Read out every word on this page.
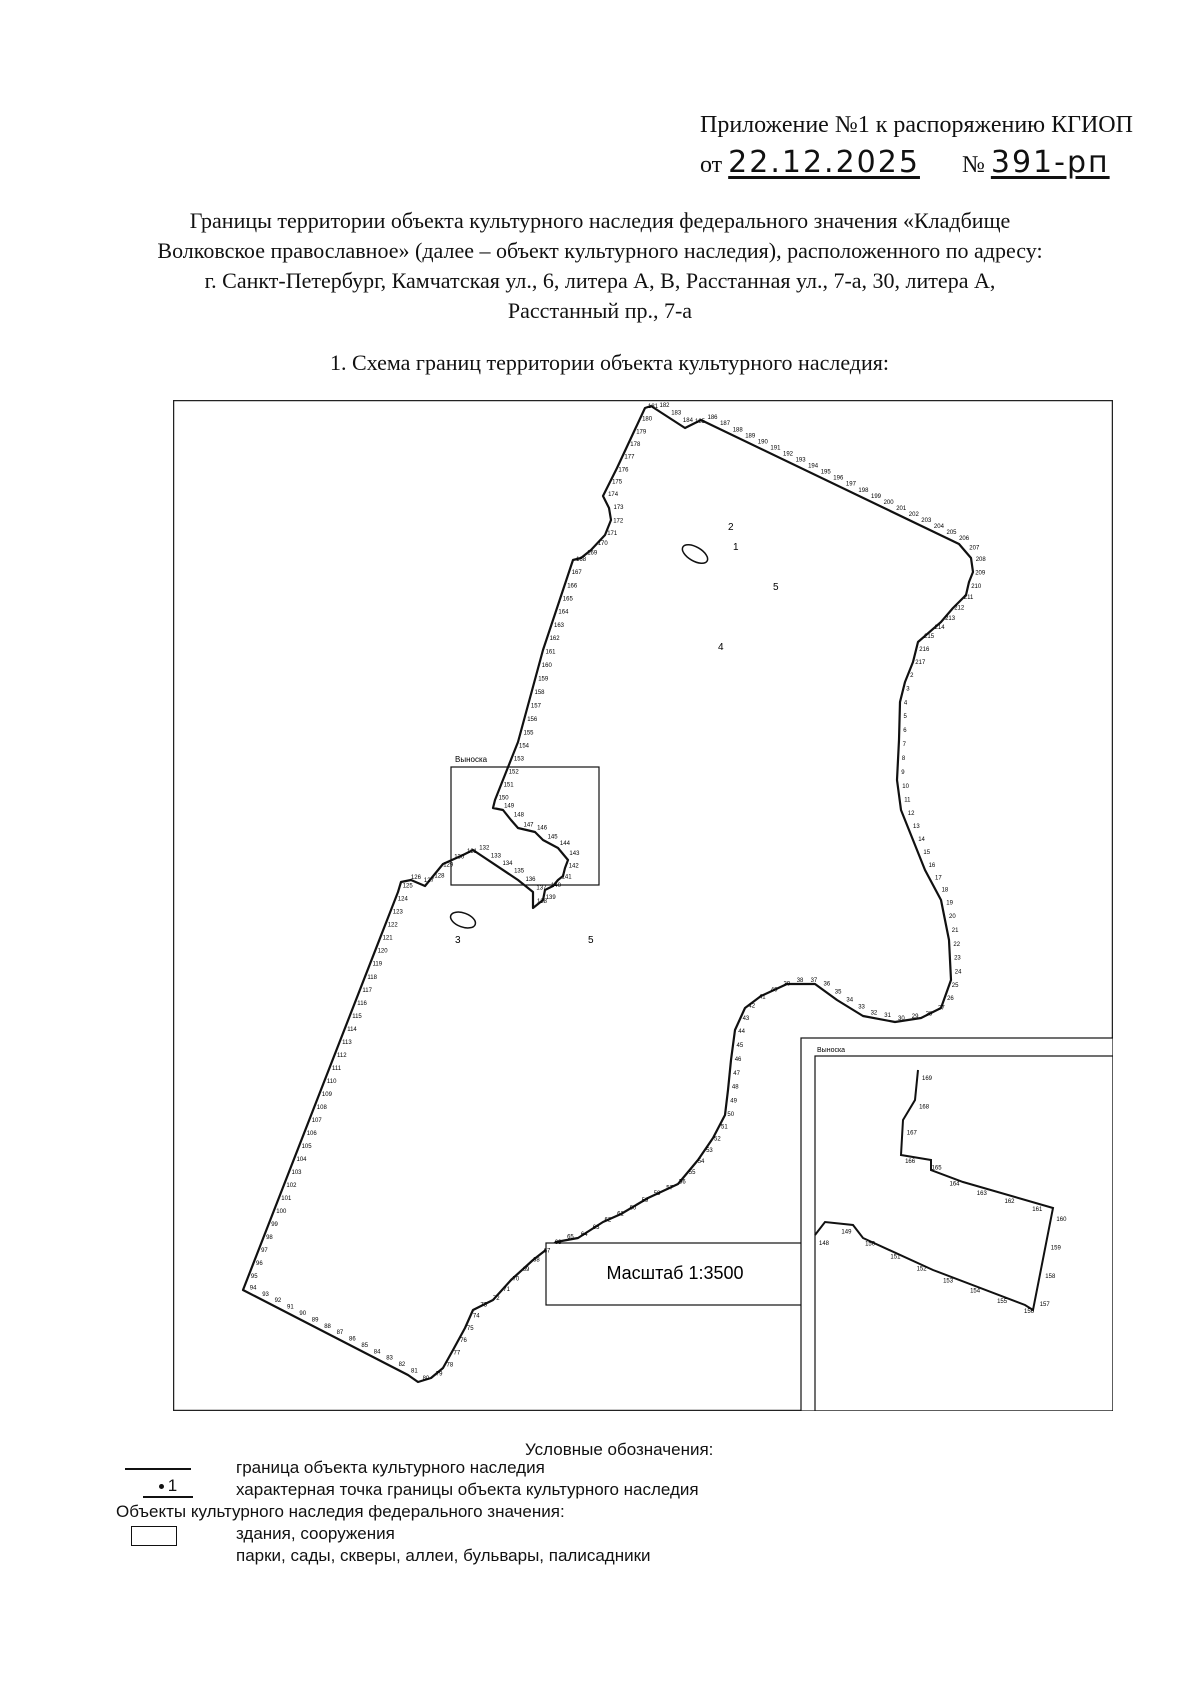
Приложение №1 к распоряжению КГИОП
от 22.12.2025 № 391-рп
Границы территории объекта культурного наследия федерального значения «Кладбище
Волковское православное» (далее – объект культурного наследия), расположенного по адресу:
г. Санкт-Петербург, Камчатская ул., 6, литера А, В, Расстанная ул., 7-а, 30, литера А,
Расстанный пр., 7-а
1. Схема границ территории объекта культурного наследия:
Выноска
Масштаб 1:3500
Выноска
1
2
3
4
5
5
2
3
4
5
6
7
8
9
10
11
12
13
14
15
16
17
18
19
20
21
22
23
24
25
26
27
28
29
30
31
32
33
34
35
36
37
38
39
40
41
42
43
44
45
46
47
48
49
50
51
52
53
54
55
56
57
58
59
60
61
62
63
64
65
66
67
68
69
70
71
72
73
74
75
76
77
78
79
80
81
82
83
84
85
86
87
88
89
90
91
92
93
94
95
96
97
98
99
100
101
102
103
104
105
106
107
108
109
110
111
112
113
114
115
116
117
118
119
120
121
122
123
124
125
126 127
128
129
130
131
132
133
134
135
136
137
138
139
140
141
142
143
144
145
146
147
148
149
150
151
152
153
154
155
156
157
158
159
160
161
162
163
164
165
166
167
168
169
170
171
172
173
174
175
176
177
178
179
180
181 182
183
184 185
186
187
188
189
190
191
192
193
194
195
196
197
198
199
200
201
202
203
204
205
206
207
208
209
210
211
212
213
214
215
216
217
148
149
150
151
152
153
154
155
156
157
158
159
160
161
162
163
164
165
166
167
168
169
Условные обозначения:
граница объекта культурного наследия
1	характерная точка границы объекта культурного наследия
Объекты культурного наследия федерального значения:
здания, сооружения
парки, сады, скверы, аллеи, бульвары, палисадники
